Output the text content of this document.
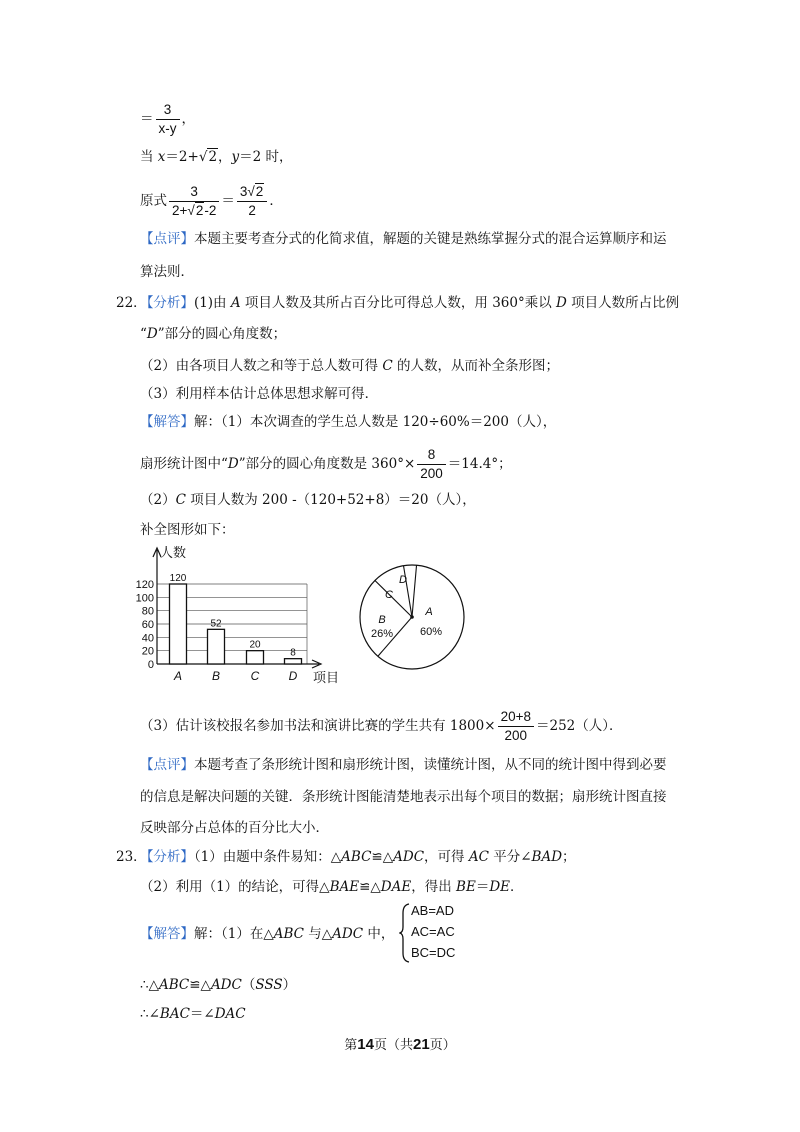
＝ $\frac{3}{x-y}$ ，
当 x＝2+√2，y＝2 时，
原式 $\frac{3}{2+√2-2} = \frac{3√2}{2}$ ．
【点评】本题主要考查分式的化简求值，解题的关键是熟练掌握分式的混合运算顺序和运
算法则．
22．【分析】(1)由 A 项目人数及其所占百分比可得总人数，用 360°乘以 D 项目人数所占比例
“D”部分的圆心角度数；
（2）由各项目人数之和等于总人数可得 C 的人数，从而补全条形图；
（3）利用样本估计总体思想求解可得．
【解答】解：（1）本次调查的学生总人数是 120÷60%＝200（人），
扇形统计图中“D”部分的圆心角度数是 $360^\circ\times \frac{8}{200} =14.4^\circ$；
（2）C 项目人数为 200 -（120+52+8）＝20（人），
补全图形如下：
0
20
40
60
80
100
120
人数
项目
120
A
52
B
20
C
8
D
A
60%
B
26%
C
D
（3）估计该校报名参加书法和演讲比赛的学生共有 $1800\times \frac{20+8}{200} =252$（人）．
【点评】本题考查了条形统计图和扇形统计图，读懂统计图，从不同的统计图中得到必要
的信息是解决问题的关键．条形统计图能清楚地表示出每个项目的数据；扇形统计图直接
反映部分占总体的百分比大小．
23．【分析】（1）由题中条件易知：△ABC≌△ADC，可得 AC 平分∠BAD；
（2）利用（1）的结论，可得△BAE≌△DAE，得出 BE＝DE．
【解答】解：（1）在△ABC 与△ADC 中，
AB=AD
AC=AC
BC=DC
∴△ABC≌△ADC（SSS）
∴∠BAC＝∠DAC
第14页（共21页）
